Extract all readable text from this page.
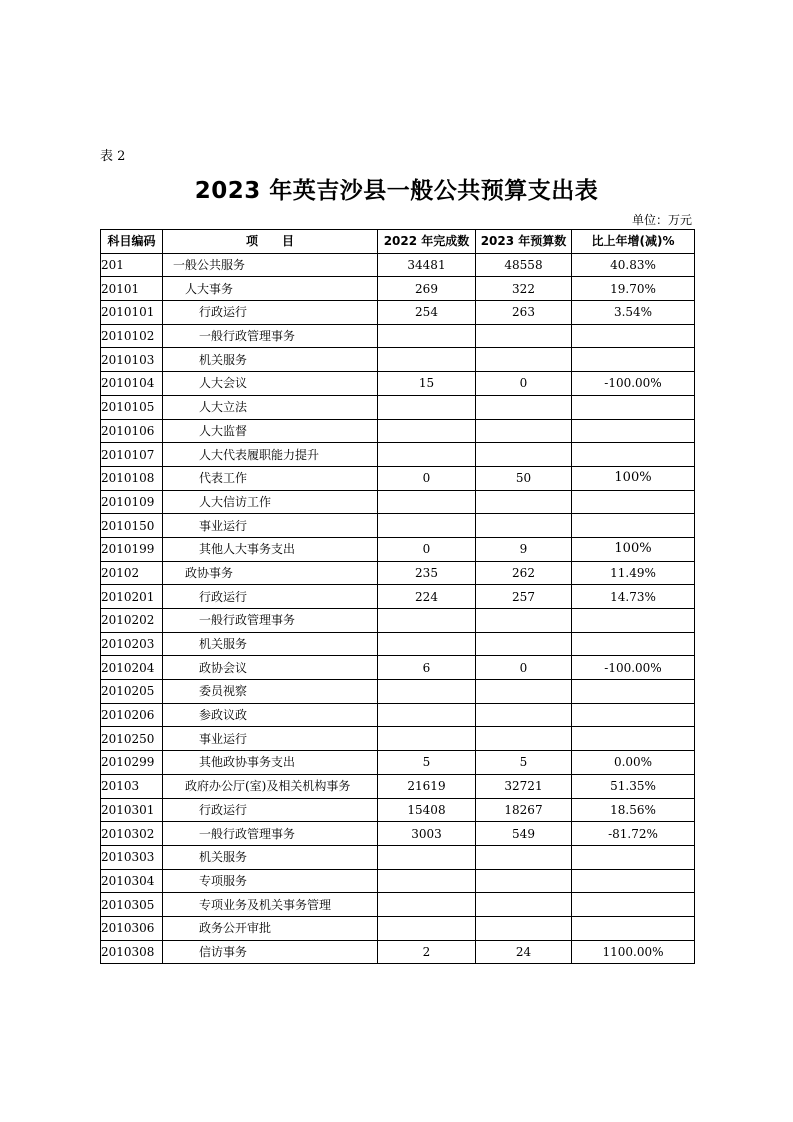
表 2
2023 年英吉沙县一般公共预算支出表
单位：万元
科目编码	项　　目	2022 年完成数	2023 年预算数	比上年增(减)%
201	一般公共服务	34481	48558	40.83%
20101	人大事务	269	322	19.70%
2010101	行政运行	254	263	3.54%
2010102	一般行政管理事务			
2010103	机关服务			
2010104	人大会议	15	0	-100.00%
2010105	人大立法			
2010106	人大监督			
2010107	人大代表履职能力提升			
2010108	代表工作	0	50	100%
2010109	人大信访工作			
2010150	事业运行			
2010199	其他人大事务支出	0	9	100%
20102	政协事务	235	262	11.49%
2010201	行政运行	224	257	14.73%
2010202	一般行政管理事务			
2010203	机关服务			
2010204	政协会议	6	0	-100.00%
2010205	委员视察			
2010206	参政议政			
2010250	事业运行			
2010299	其他政协事务支出	5	5	0.00%
20103	政府办公厅(室)及相关机构事务	21619	32721	51.35%
2010301	行政运行	15408	18267	18.56%
2010302	一般行政管理事务	3003	549	-81.72%
2010303	机关服务			
2010304	专项服务			
2010305	专项业务及机关事务管理			
2010306	政务公开审批			
2010308	信访事务	2	24	1100.00%
